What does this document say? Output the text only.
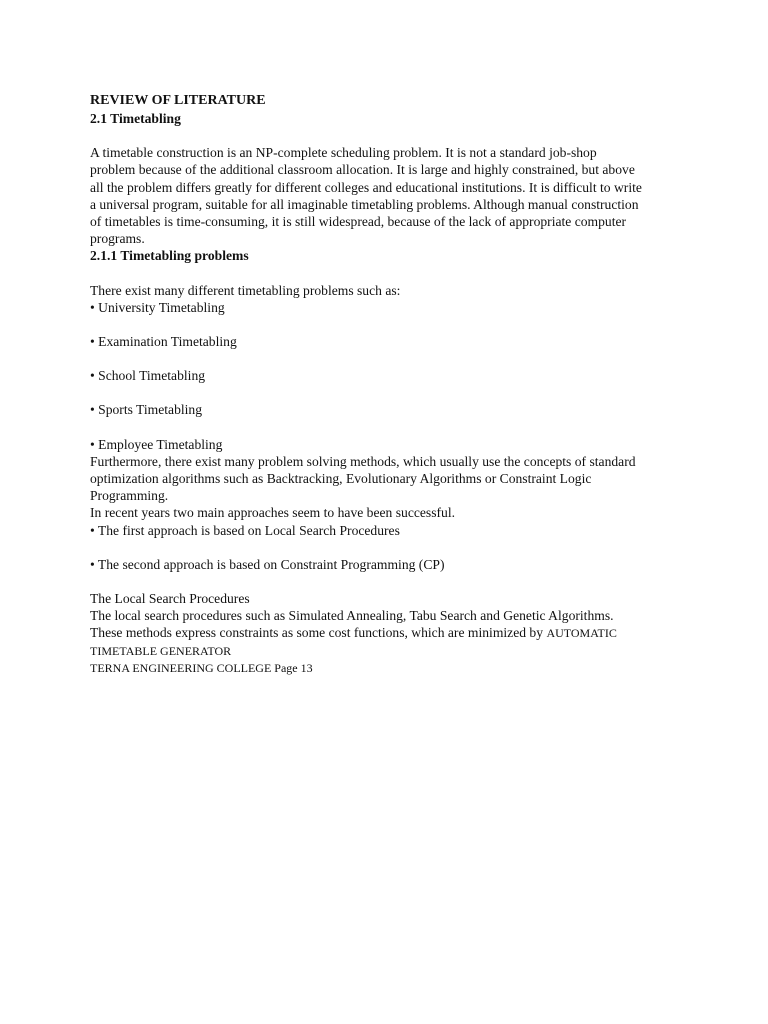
REVIEW OF LITERATURE
2.1 Timetabling
A timetable construction is an NP-complete scheduling problem. It is not a standard job-shop
problem because of the additional classroom allocation. It is large and highly constrained, but above
all the problem differs greatly for different colleges and educational institutions. It is difficult to write
a universal program, suitable for all imaginable timetabling problems. Although manual construction
of timetables is time-consuming, it is still widespread, because of the lack of appropriate computer
programs.
2.1.1 Timetabling problems
There exist many different timetabling problems such as:
• University Timetabling
• Examination Timetabling
• School Timetabling
• Sports Timetabling
• Employee Timetabling
Furthermore, there exist many problem solving methods, which usually use the concepts of standard
optimization algorithms such as Backtracking, Evolutionary Algorithms or Constraint Logic
Programming.
In recent years two main approaches seem to have been successful.
• The first approach is based on Local Search Procedures
• The second approach is based on Constraint Programming (CP)
The Local Search Procedures
The local search procedures such as Simulated Annealing, Tabu Search and Genetic Algorithms.
These methods express constraints as some cost functions, which are minimized by AUTOMATIC
TIMETABLE GENERATOR
TERNA ENGINEERING COLLEGE Page 13
